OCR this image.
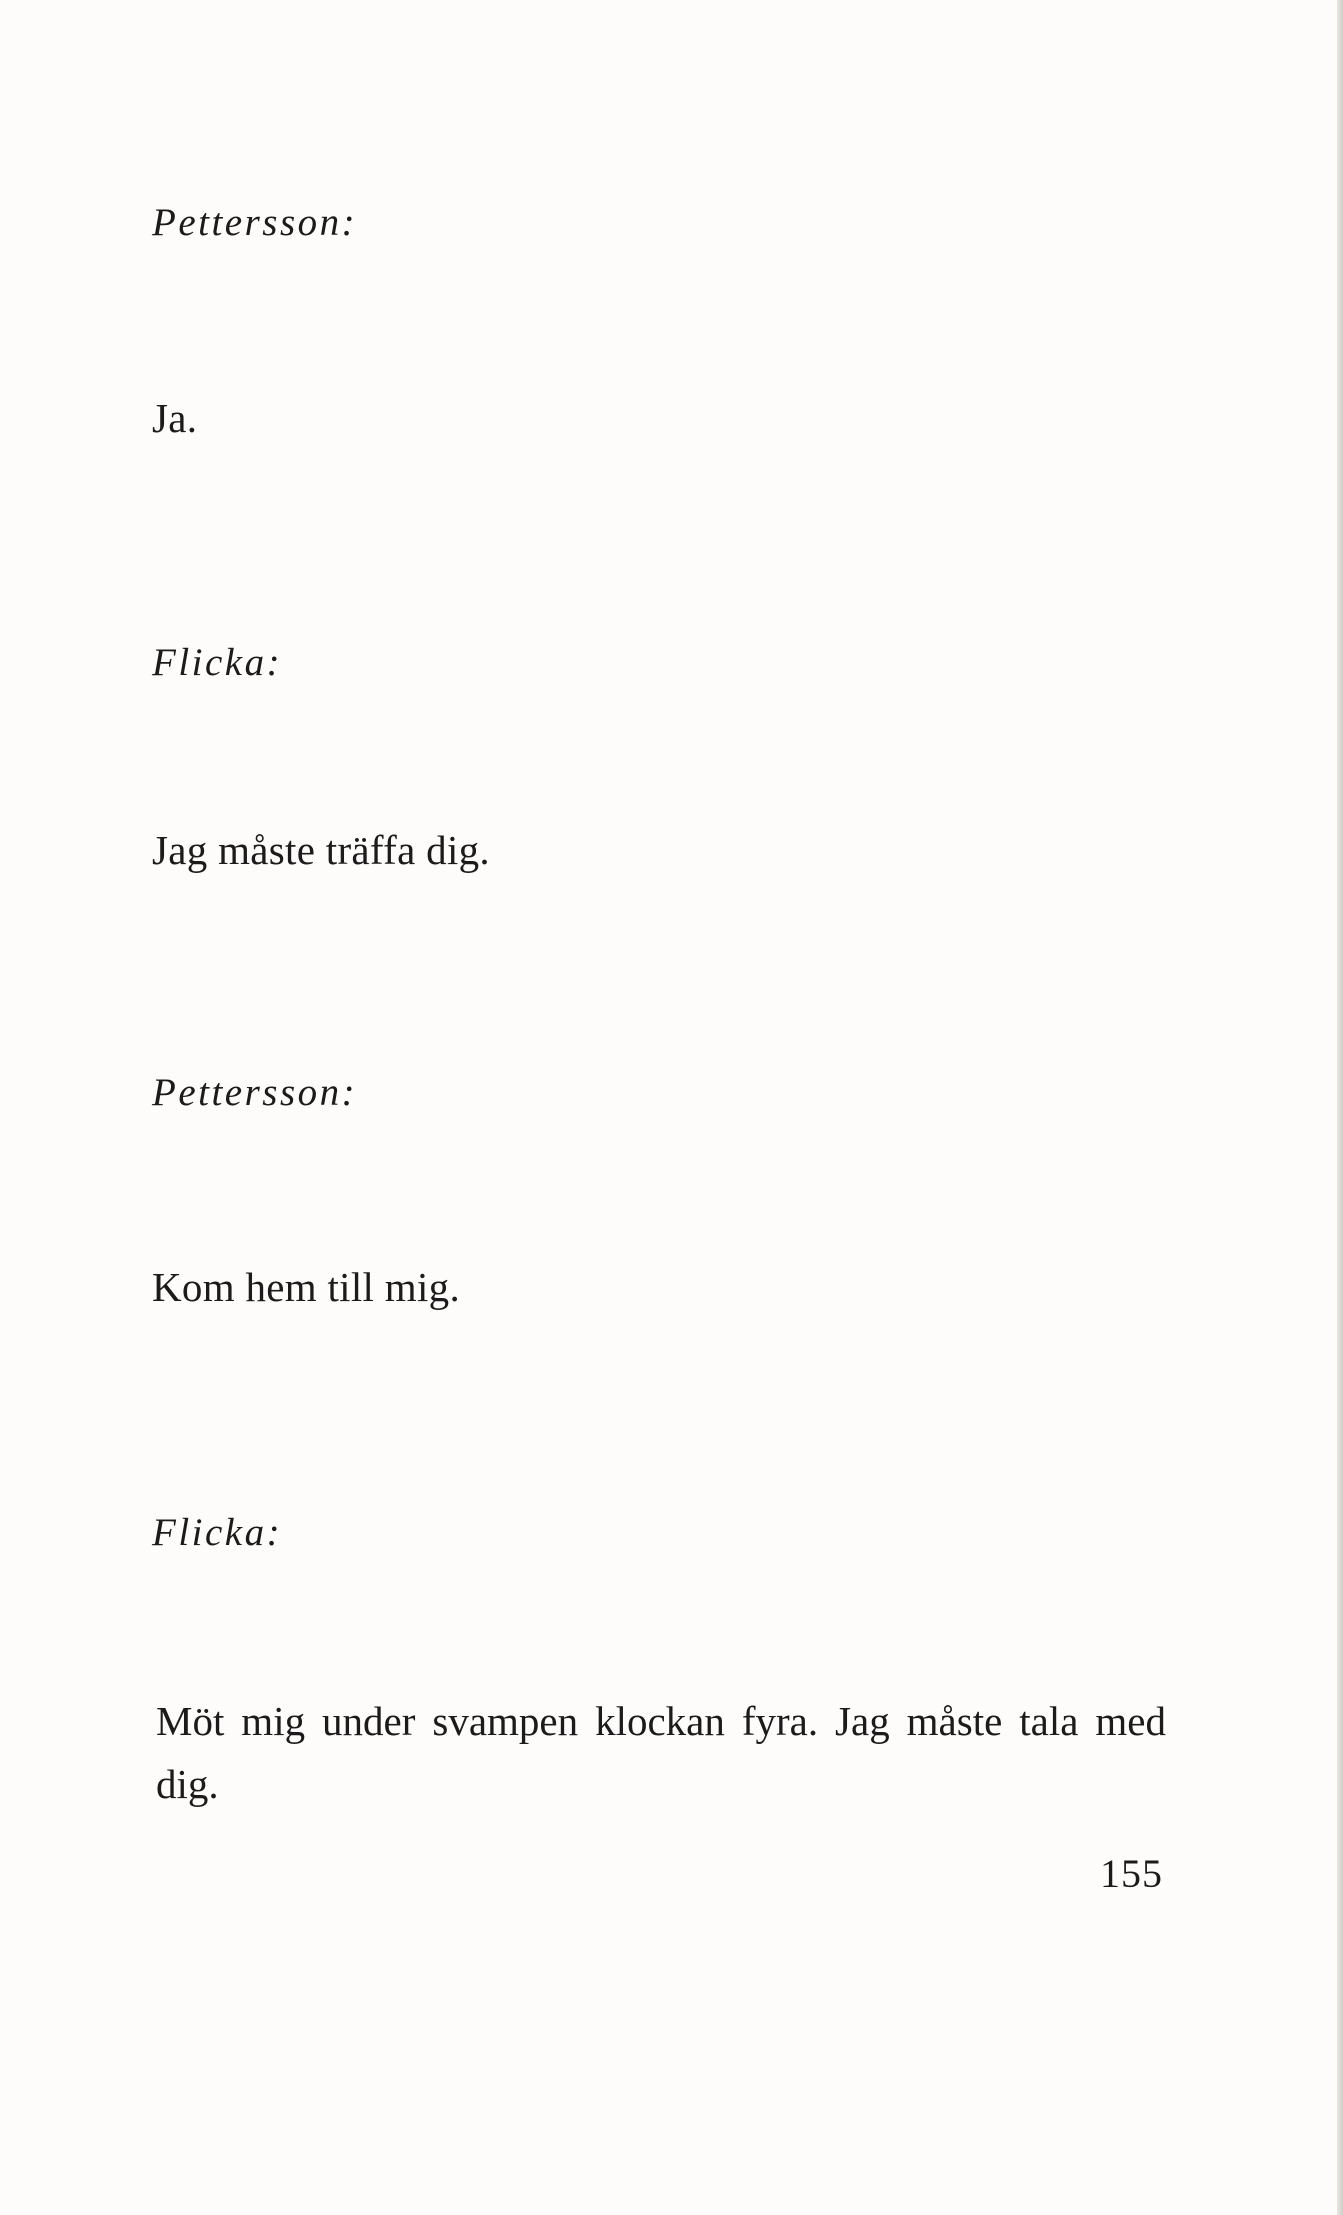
Pettersson:
Ja.
Flicka:
Jag måste träffa dig.
Pettersson:
Kom hem till mig.
Flicka:
Möt mig under svampen klockan fyra. Jag måste tala med dig.
155
